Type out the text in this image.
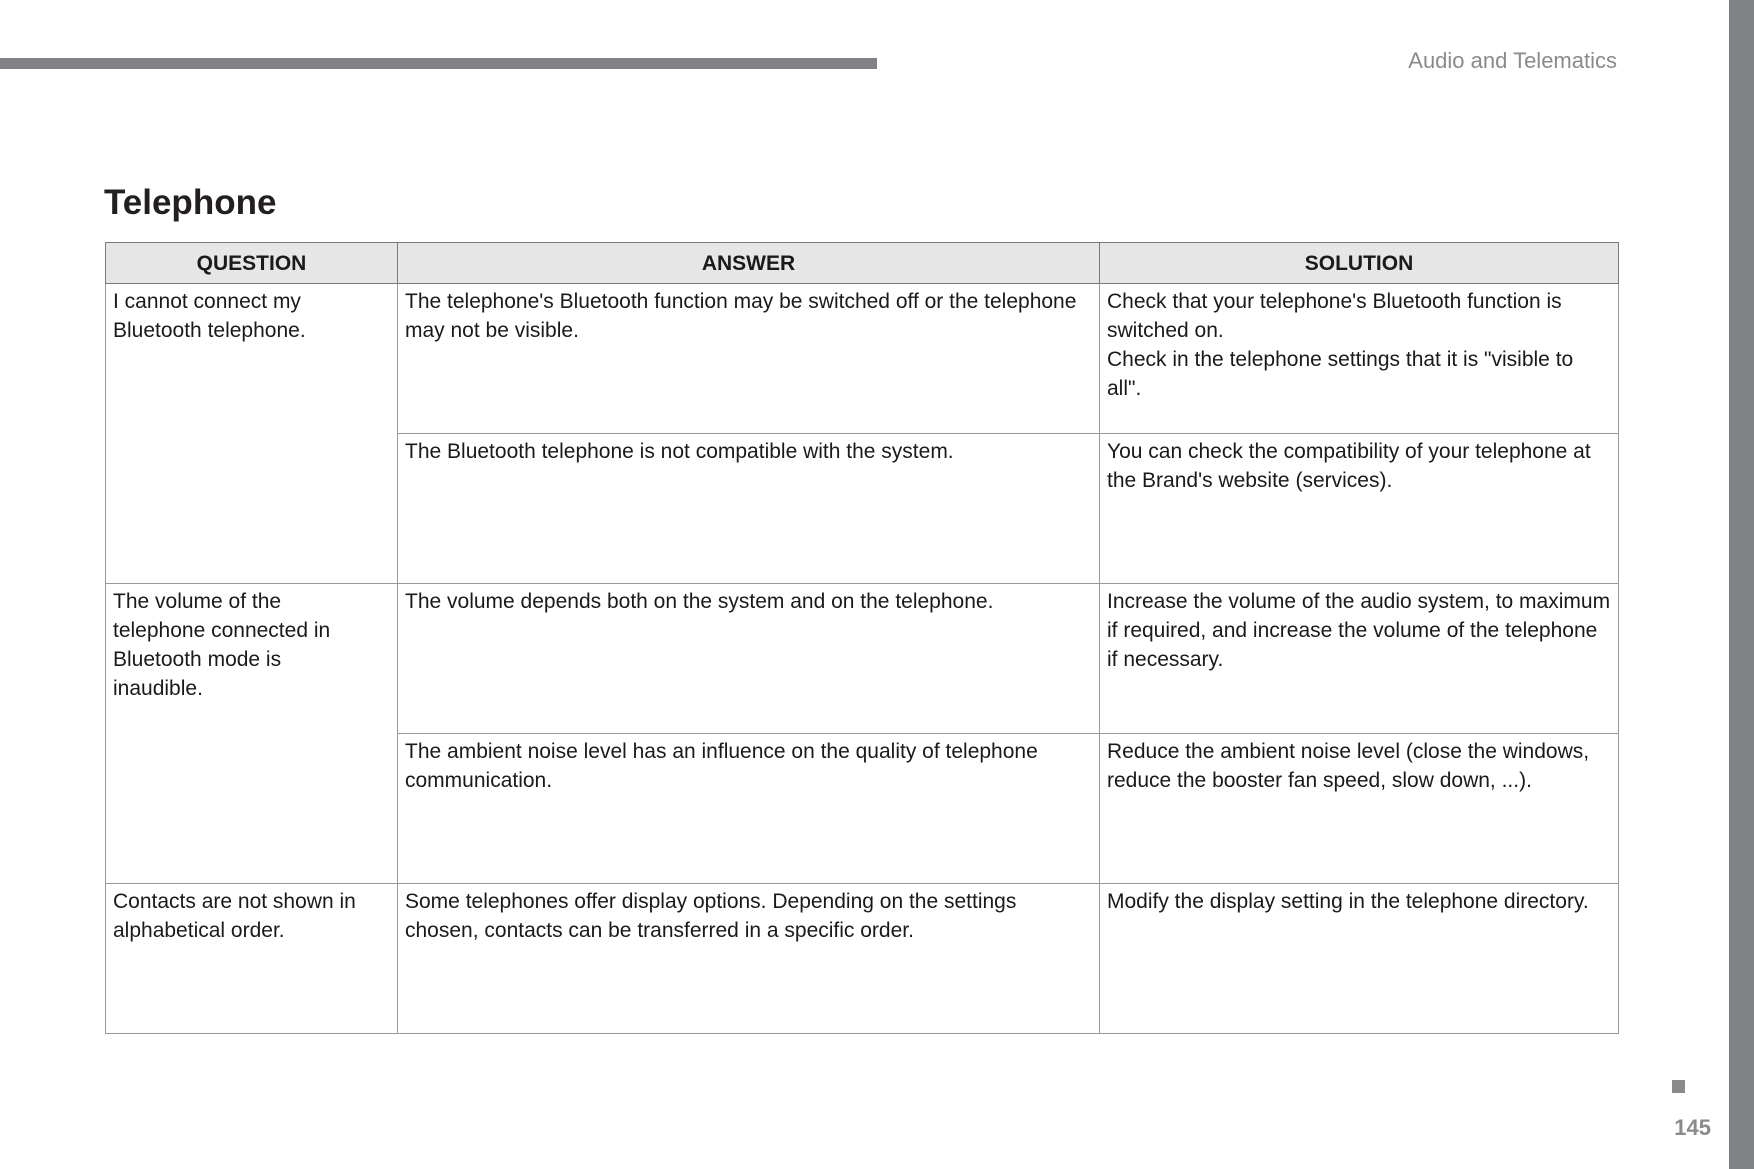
Audio and Telematics
Telephone
QUESTION	ANSWER	SOLUTION
I cannot connect my Bluetooth telephone.	The telephone's Bluetooth function may be switched off or the telephone may not be visible.	Check that your telephone's Bluetooth function is switched on.
Check in the telephone settings that it is "visible to all".

	The Bluetooth telephone is not compatible with the system.	You can check the compatibility of your telephone at the Brand's website (services).

The volume of the telephone connected in Bluetooth mode is inaudible.	The volume depends both on the system and on the telephone.	Increase the volume of the audio system, to maximum if required, and increase the volume of the telephone if necessary.

	The ambient noise level has an influence on the quality of telephone communication.	Reduce the ambient noise level (close the windows, reduce the booster fan speed, slow down, ...).

Contacts are not shown in alphabetical order.	Some telephones offer display options. Depending on the settings chosen, contacts can be transferred in a specific order.	Modify the display setting in the telephone directory.
145
